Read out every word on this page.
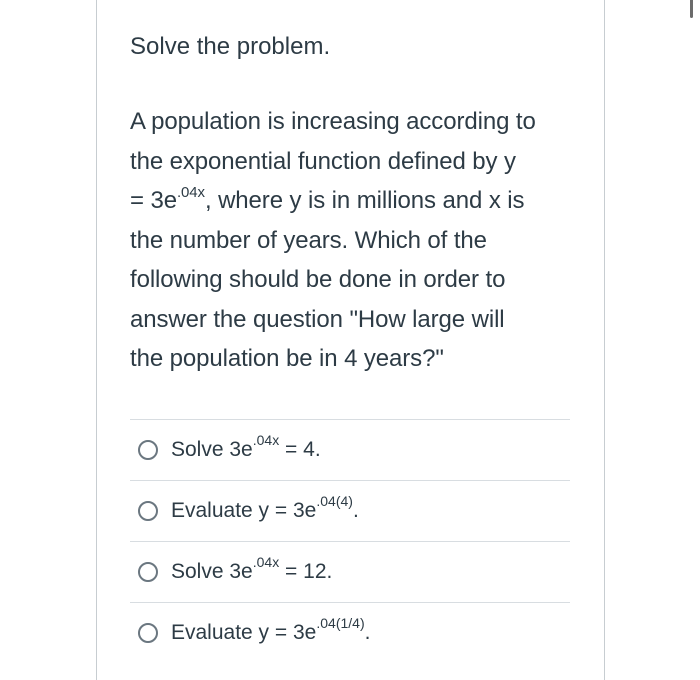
Solve the problem.

A population is increasing according to
the exponential function defined by y
= $3e^{.04x}$, where y is in millions and x is
the number of years. Which of the
following should be done in order to
answer the question "How large will
the population be in 4 years?"
Solve $3e^{.04x} = 4$.
Evaluate $y = 3e^{.04(4)}$.
Solve $3e^{.04x} = 12$.
Evaluate $y = 3e^{.04(1/4)}$.
